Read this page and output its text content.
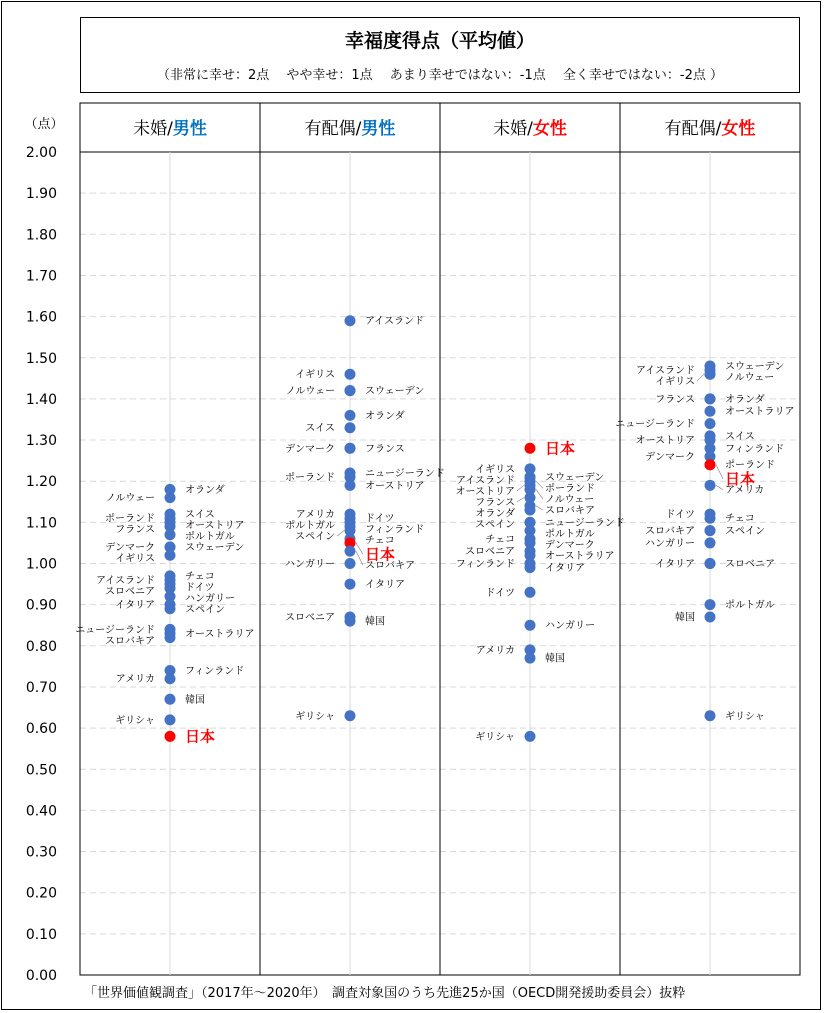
0.00
0.10
0.20
0.30
0.40
0.50
0.60
0.70
0.80
0.90
1.00
1.10
1.20
1.30
1.40
1.50
1.60
1.70
1.80
1.90
2.00
（点）	未婚/男性
オランダ
ノルウェー
スイス
ポーランド
オーストリア
フランス
ポルトガル
デンマーク	スウェーデン
イギリス
チェコ
アイスランド
ドイツ
スロベニア
ハンガリー
イタリア	スペイン
ニュージーランド	オーストラリア
スロバキア
フィンランド
アメリカ
韓国
ギリシャ
日本
有配偶/男性
アイスランド
イギリス
スウェーデン
ノルウェー
オランダ
スイス
フランス
デンマーク
ニュージーランド
ポーランド
オーストリア
アメリカ	ドイツ
ポルトガル	フィンランド
スペイン	チェコ
日本
スロバキア
ハンガリー
イタリア
スロベニア	韓国
ギリシャ
未婚/女性
日本
イギリス
スウェーデン
アイスランド
ポーランド
オーストリア
ノルウェー
フランス
スロバキア
オランダ
ニュージーランド
スペイン
ポルトガル
チェコ
デンマーク
スロベニア	オーストラリア
フィンランド	イタリア
ドイツ
ハンガリー
アメリカ
韓国
ギリシャ
有配偶/女性
スウェーデン
アイスランド
ノルウェー
イギリス
オランダ
フランス
オーストラリア
ニュージーランド
スイス
オーストリア
フィンランド
デンマーク
ポーランド
日本
アメリカ
ドイツ	チェコ
スロバキア	スペイン
ハンガリー
スロベニア
イタリア
ポルトガル
韓国
ギリシャ
幸福度得点（平均値）
（非常に幸せ：2点　 やや幸せ：1点　 あまり幸せではない：-1点　 全く幸せではない：-2点 ）
「世界価値観調査」（2017年～2020年）　調査対象国のうち先進25か国（OECD開発援助委員会）抜粋
